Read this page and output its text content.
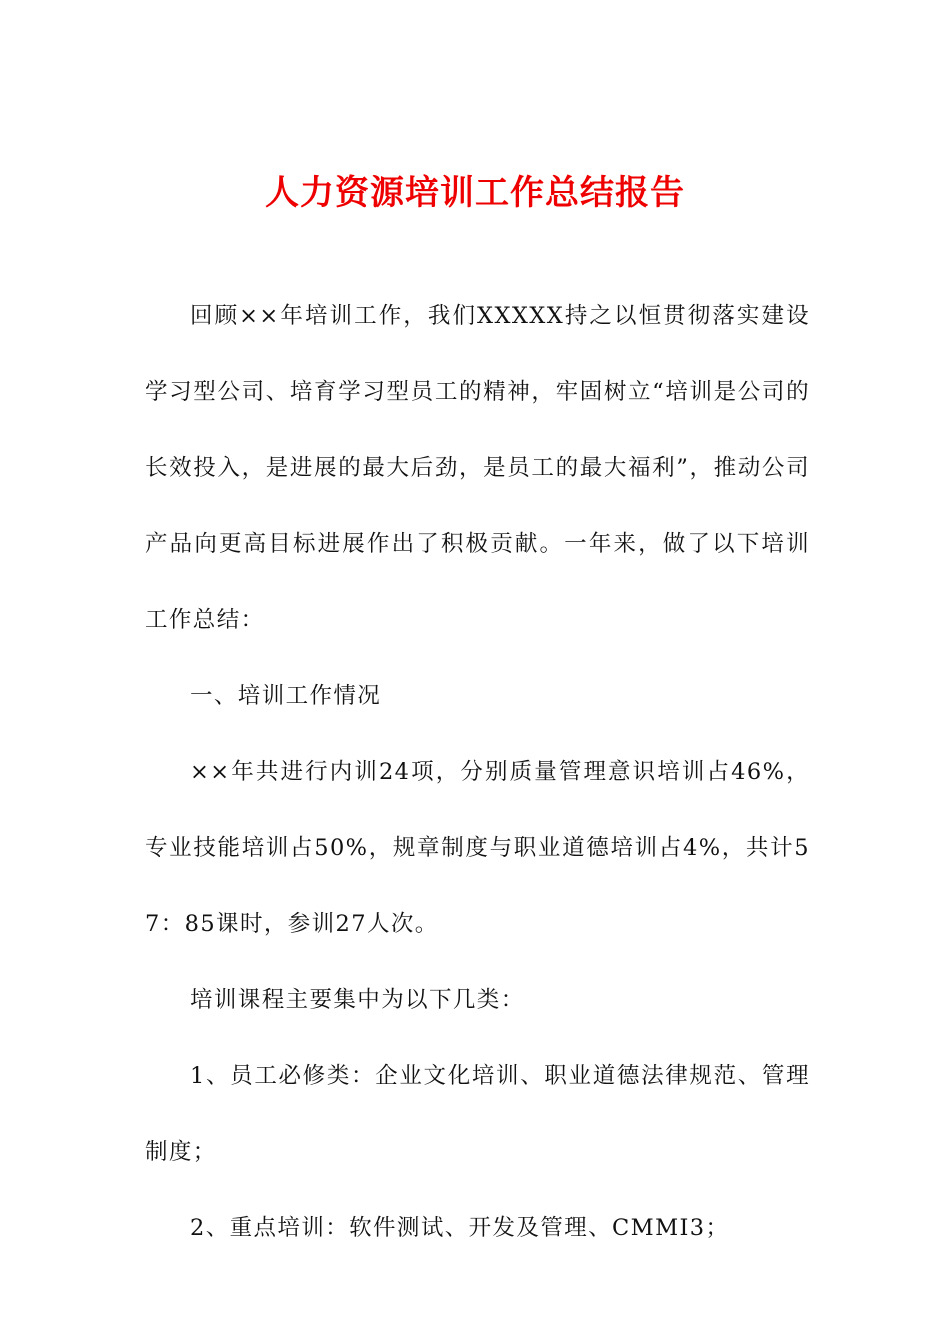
人力资源培训工作总结报告

回顾××年培训工作，我们XXXXX持之以恒贯彻落实建设学习型公司、培育学习型员工的精神，牢固树立“培训是公司的长效投入，是进展的最大后劲，是员工的最大福利”，推动公司产品向更高目标进展作出了积极贡献。一年来，做了以下培训工作总结：

一、培训工作情况

××年共进行内训24项，分别质量管理意识培训占46%，专业技能培训占50%，规章制度与职业道德培训占4%，共计57：85课时，参训27人次。

培训课程主要集中为以下几类：

1、员工必修类：企业文化培训、职业道德法律规范、管理制度；

2、重点培训：软件测试、开发及管理、CMMI3；
